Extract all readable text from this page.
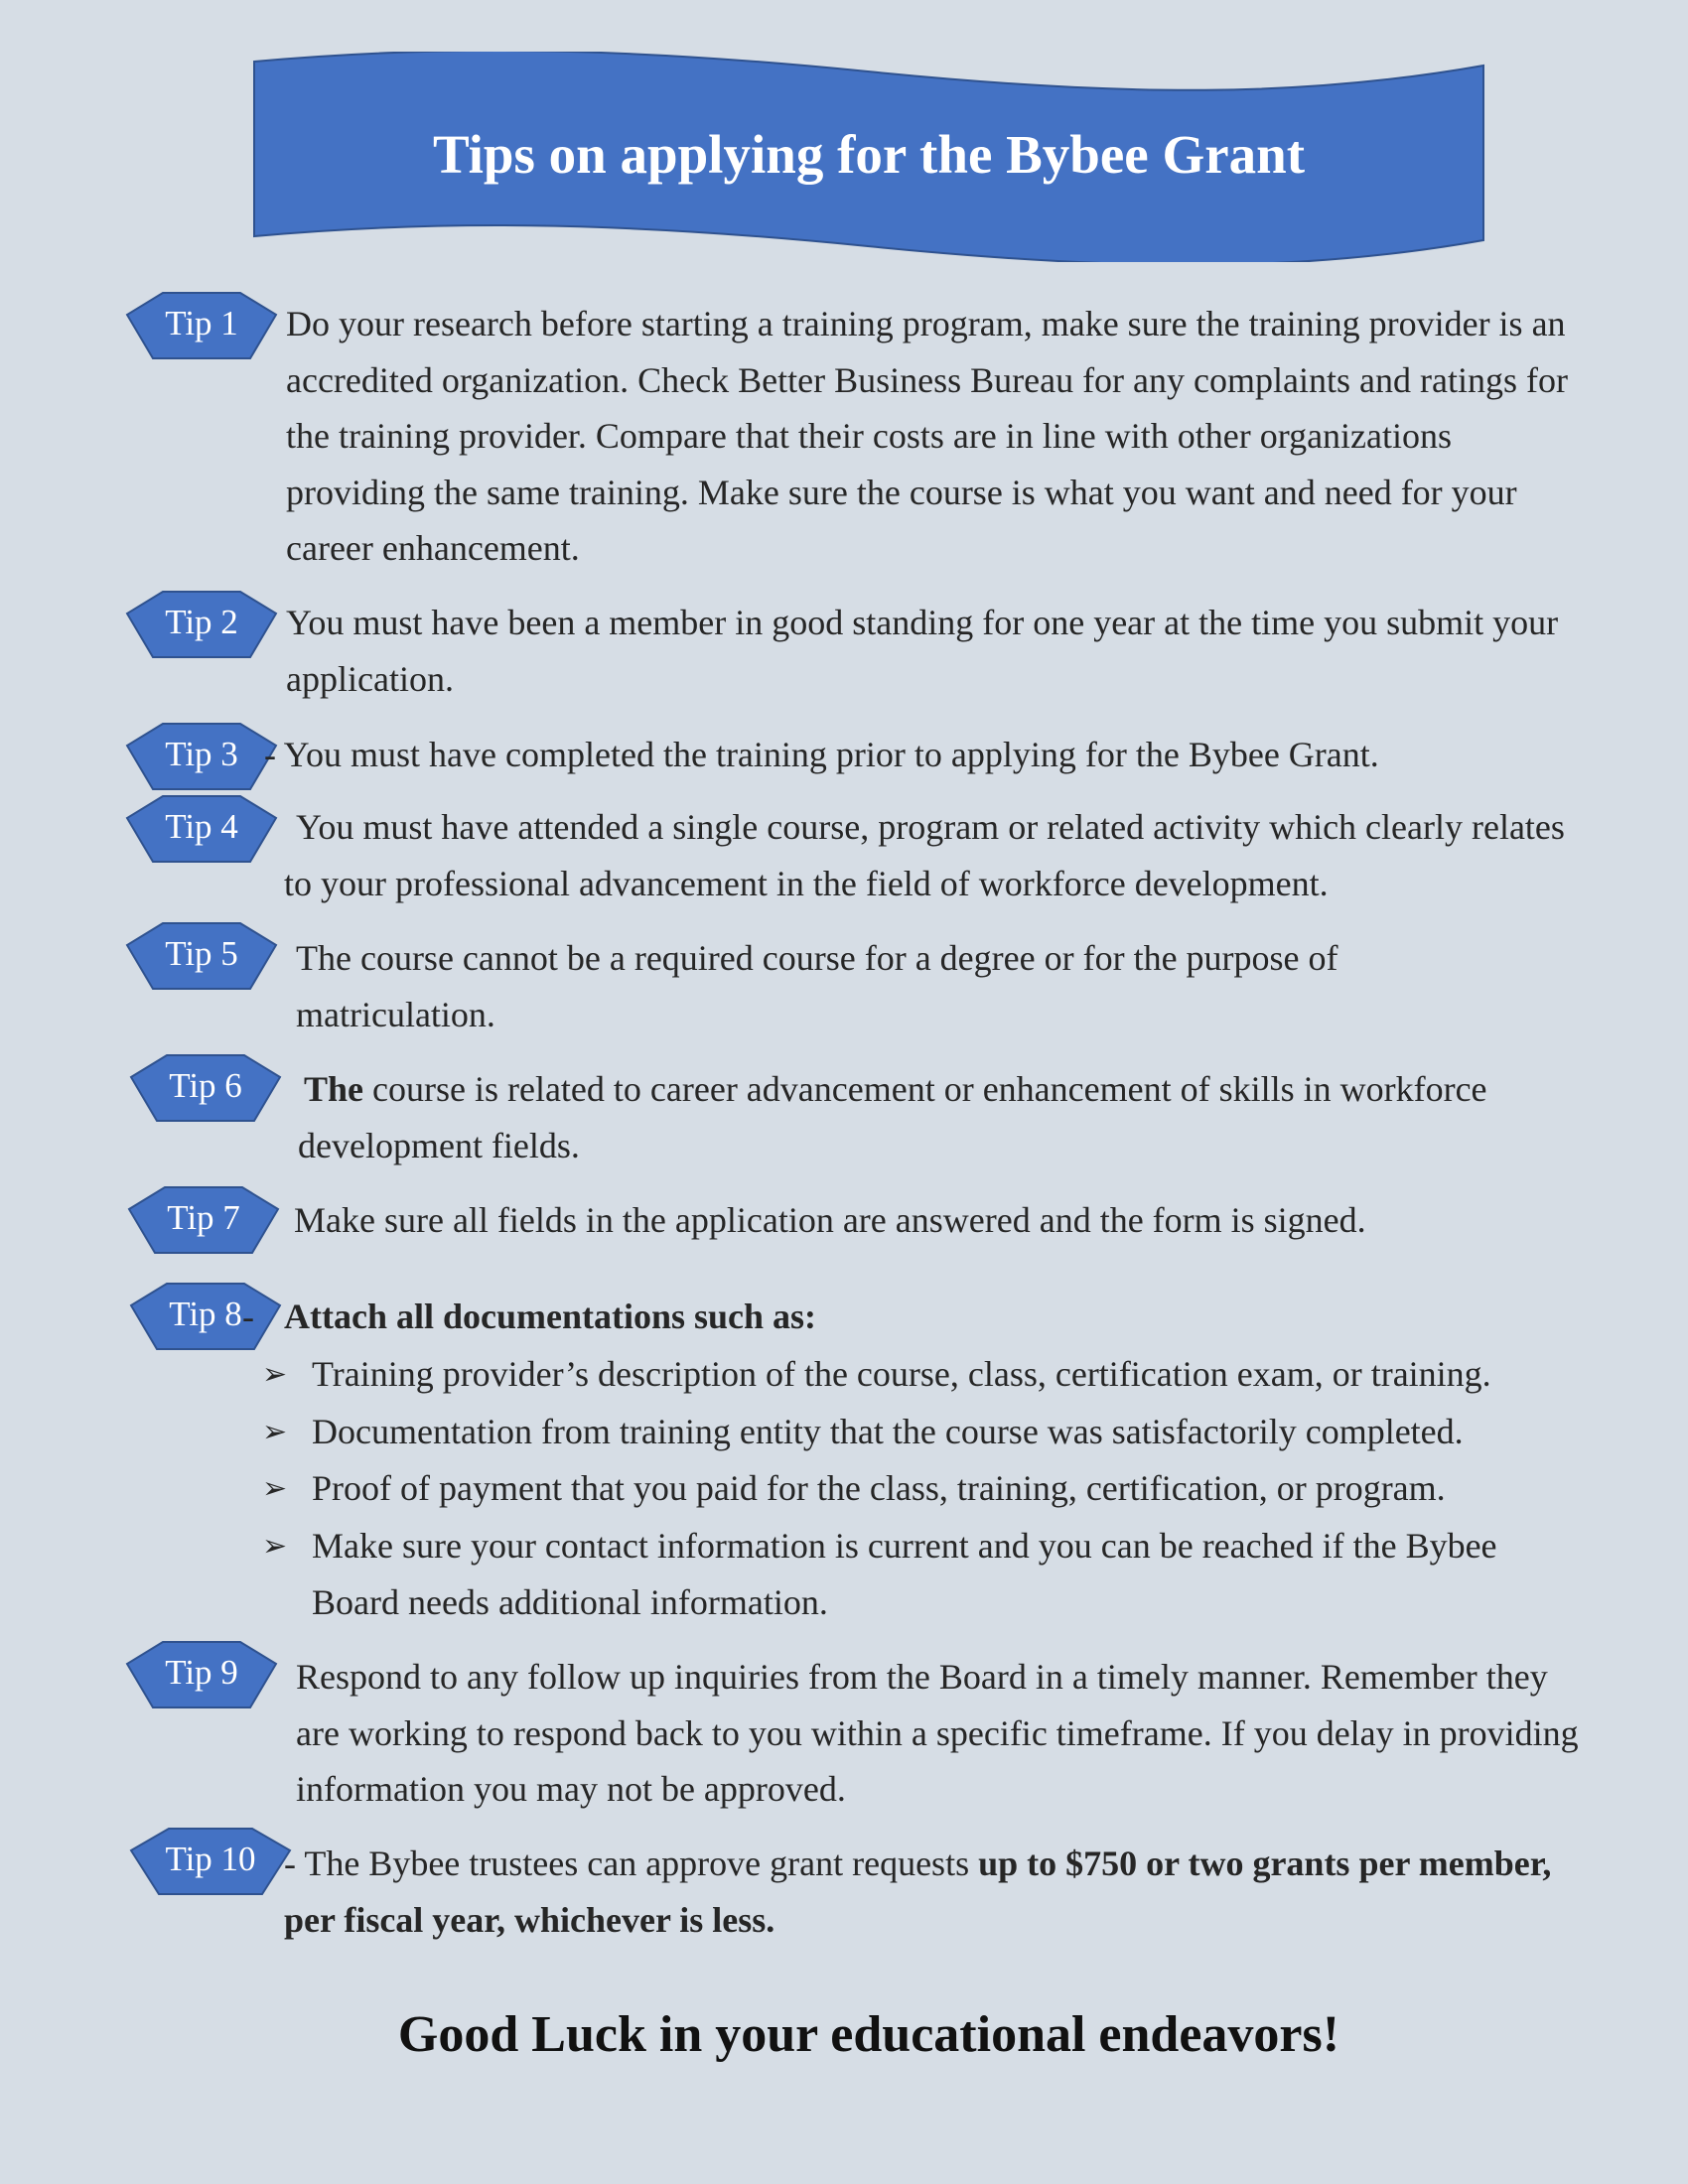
Tips on applying for the Bybee Grant
Tip 1	Do your research before starting a training program, make sure the training provider is an accredited organization. Check Better Business Bureau for any complaints and ratings for the training provider. Compare that their costs are in line with other organizations providing the same training. Make sure the course is what you want and need for your career enhancement.
Tip 2	You must have been a member in good standing for one year at the time you submit your application.
Tip 3 - You must have completed the training prior to applying for the Bybee Grant.
Tip 4	You must have attended a single course, program or related activity which clearly relates to your professional advancement in the field of workforce development.
Tip 5	The course cannot be a required course for a degree or for the purpose of matriculation.
Tip 6	The course is related to career advancement or enhancement of skills in workforce development fields.
Tip 7	Make sure all fields in the application are answered and the form is signed.
Tip 8 - Attach all documentations such as:
➢ Training provider’s description of the course, class, certification exam, or training.
➢ Documentation from training entity that the course was satisfactorily completed.
➢ Proof of payment that you paid for the class, training, certification, or program.
➢ Make sure your contact information is current and you can be reached if the Bybee Board needs additional information.
Tip 9	Respond to any follow up inquiries from the Board in a timely manner. Remember they are working to respond back to you within a specific timeframe. If you delay in providing information you may not be approved.
Tip 10 - The Bybee trustees can approve grant requests up to $750 or two grants per member, per fiscal year, whichever is less.
Good Luck in your educational endeavors!
